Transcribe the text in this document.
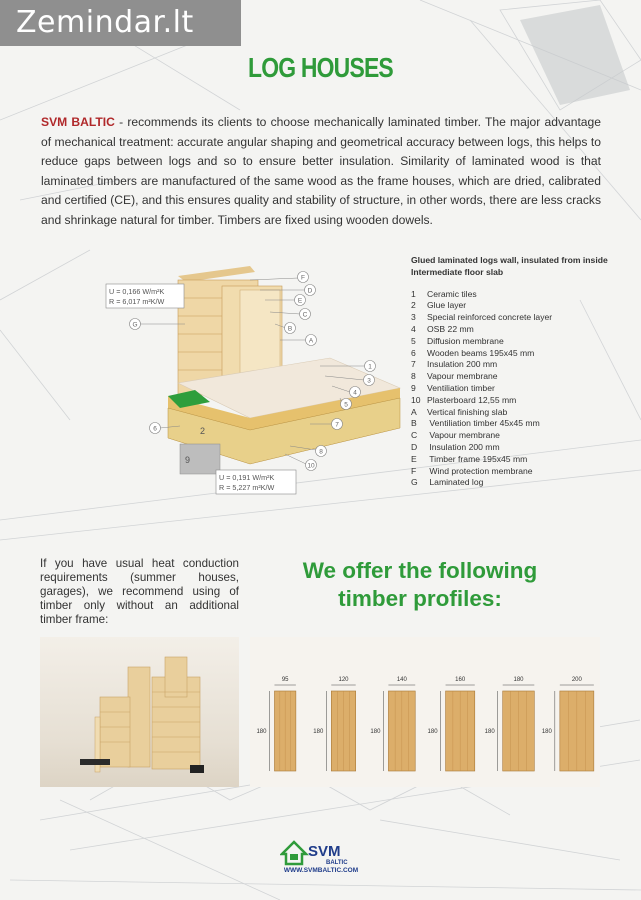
Zemindar.lt
LOG HOUSES

SVM BALTIC - recommends its clients to choose mechanically laminated timber. The major advantage of mechanical treatment: accurate angular shaping and geometrical accuracy between logs, this helps to reduce gaps between logs and so to ensure better insulation. Similarity of laminated wood is that laminated timbers are manufactured of the same wood as the frame houses, which are dried, calibrated and certified (CE), and this ensures quality and stability of structure, in other words, there are less cracks and shrinkage natural for timber. Timbers are fixed using wooden dowels.

U = 0,166 W/m²K
R = 6,017 m²K/W
U = 0,191 W/m²K
R = 5,227 m²K/W
2
9
F
D
E
C
B
A
G
1
3
4
5
6
7
8
10
Glued laminated logs wall, insulated from inside Intermediate floor slab
1	Ceramic tiles
2	Glue layer
3	Special reinforced concrete layer
4	OSB 22 mm
5	Diffusion membrane
6	Wooden beams 195x45 mm
7	Insulation 200 mm
8	Vapour membrane
9	Ventiliation timber
10 Plasterboard 12,55 mm
A	Vertical finishing slab
B	Ventiliation timber 45x45 mm
C	Vapour membrane
D	Insulation 200 mm
E	Timber frame 195x45 mm
F	Wind protection membrane
G	Laminated log
If you have usual heat conduction requirements (summer houses, garages), we recommend using of timber only without an additional timber frame:
We offer the following
timber profiles:
95
180
120
180
140
180
160
180
180
180
200
180
SVM
BALTIC
WWW.SVMBALTIC.COM
